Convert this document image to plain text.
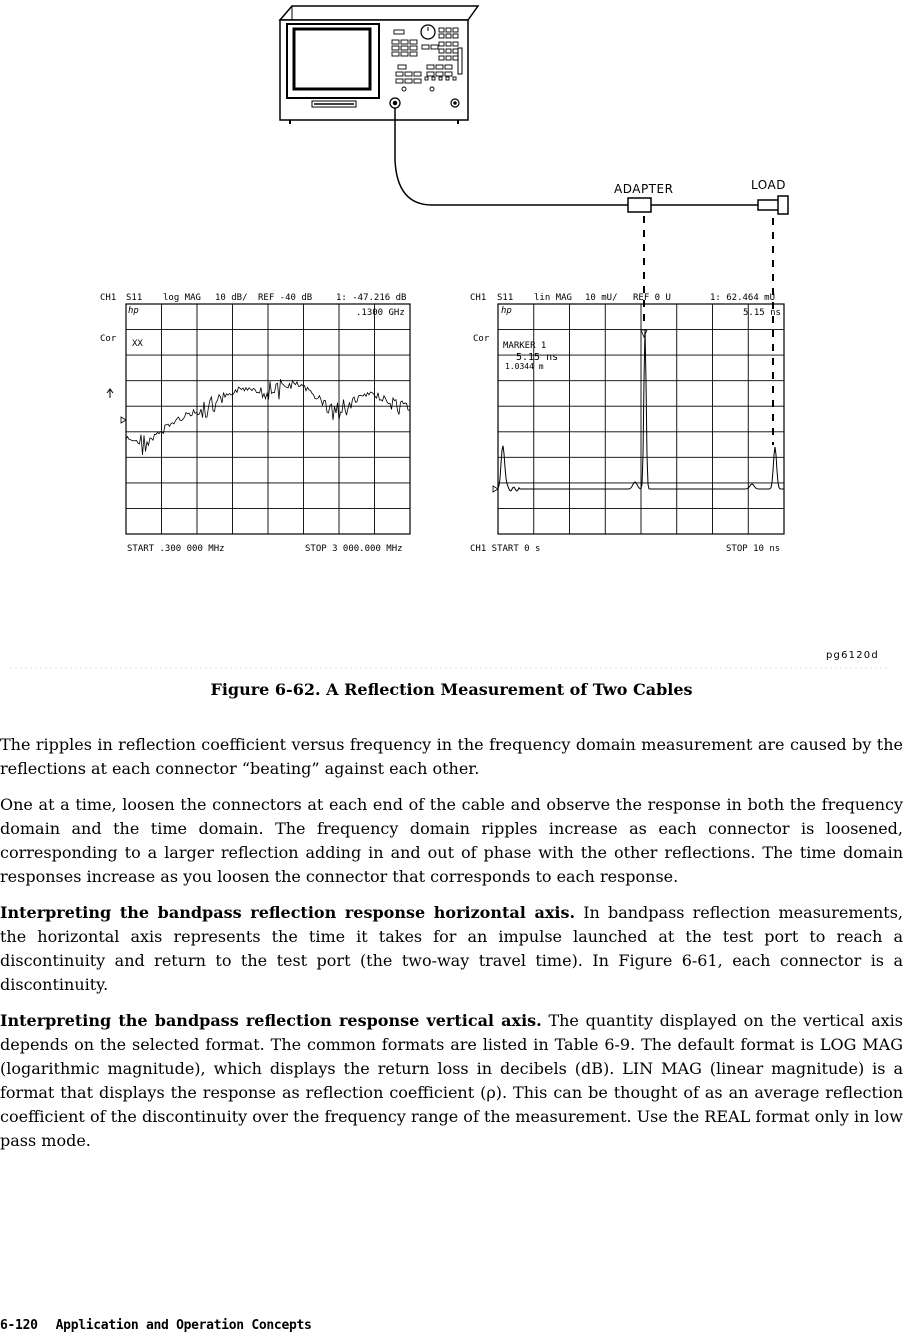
ADAPTER	LOAD
CH1 S11 log MAG 10 dB/ REF -40 dB	1: -47.216 dB
hp	.1300 GHz
Cor XX
START .300 000 MHz	STOP 3 000.000 MHz
CH1 S11 lin MAG 10 mU/ REF 0 U	1: 62.464 mU
hp	5.15 ns
Cor
MARKER 1
5.15 ns
1.0344 m
CH1 START 0 s	STOP 10 ns
pg6120d
Figure 6-62. A Reflection Measurement of Two Cables

The ripples in reflection coefficient versus frequency in the frequency domain measurement are caused by the reflections at each connector “beating” against each other.

One at a time, loosen the connectors at each end of the cable and observe the response in both the frequency domain and the time domain. The frequency domain ripples increase as each connector is loosened, corresponding to a larger reflection adding in and out of phase with the other reflections. The time domain responses increase as you loosen the connector that corresponds to each response.

Interpreting the bandpass reflection response horizontal axis. In bandpass reflection measurements, the horizontal axis represents the time it takes for an impulse launched at the test port to reach a discontinuity and return to the test port (the two-way travel time). In Figure 6-61, each connector is a discontinuity.

Interpreting the bandpass reflection response vertical axis. The quantity displayed on the vertical axis depends on the selected format. The common formats are listed in Table 6-9. The default format is LOG MAG (logarithmic magnitude), which displays the return loss in decibels (dB). LIN MAG (linear magnitude) is a format that displays the response as reflection coefficient (ρ). This can be thought of as an average reflection coefficient of the discontinuity over the frequency range of the measurement. Use the REAL format only in low pass mode.

6-120 Application and Operation Concepts
